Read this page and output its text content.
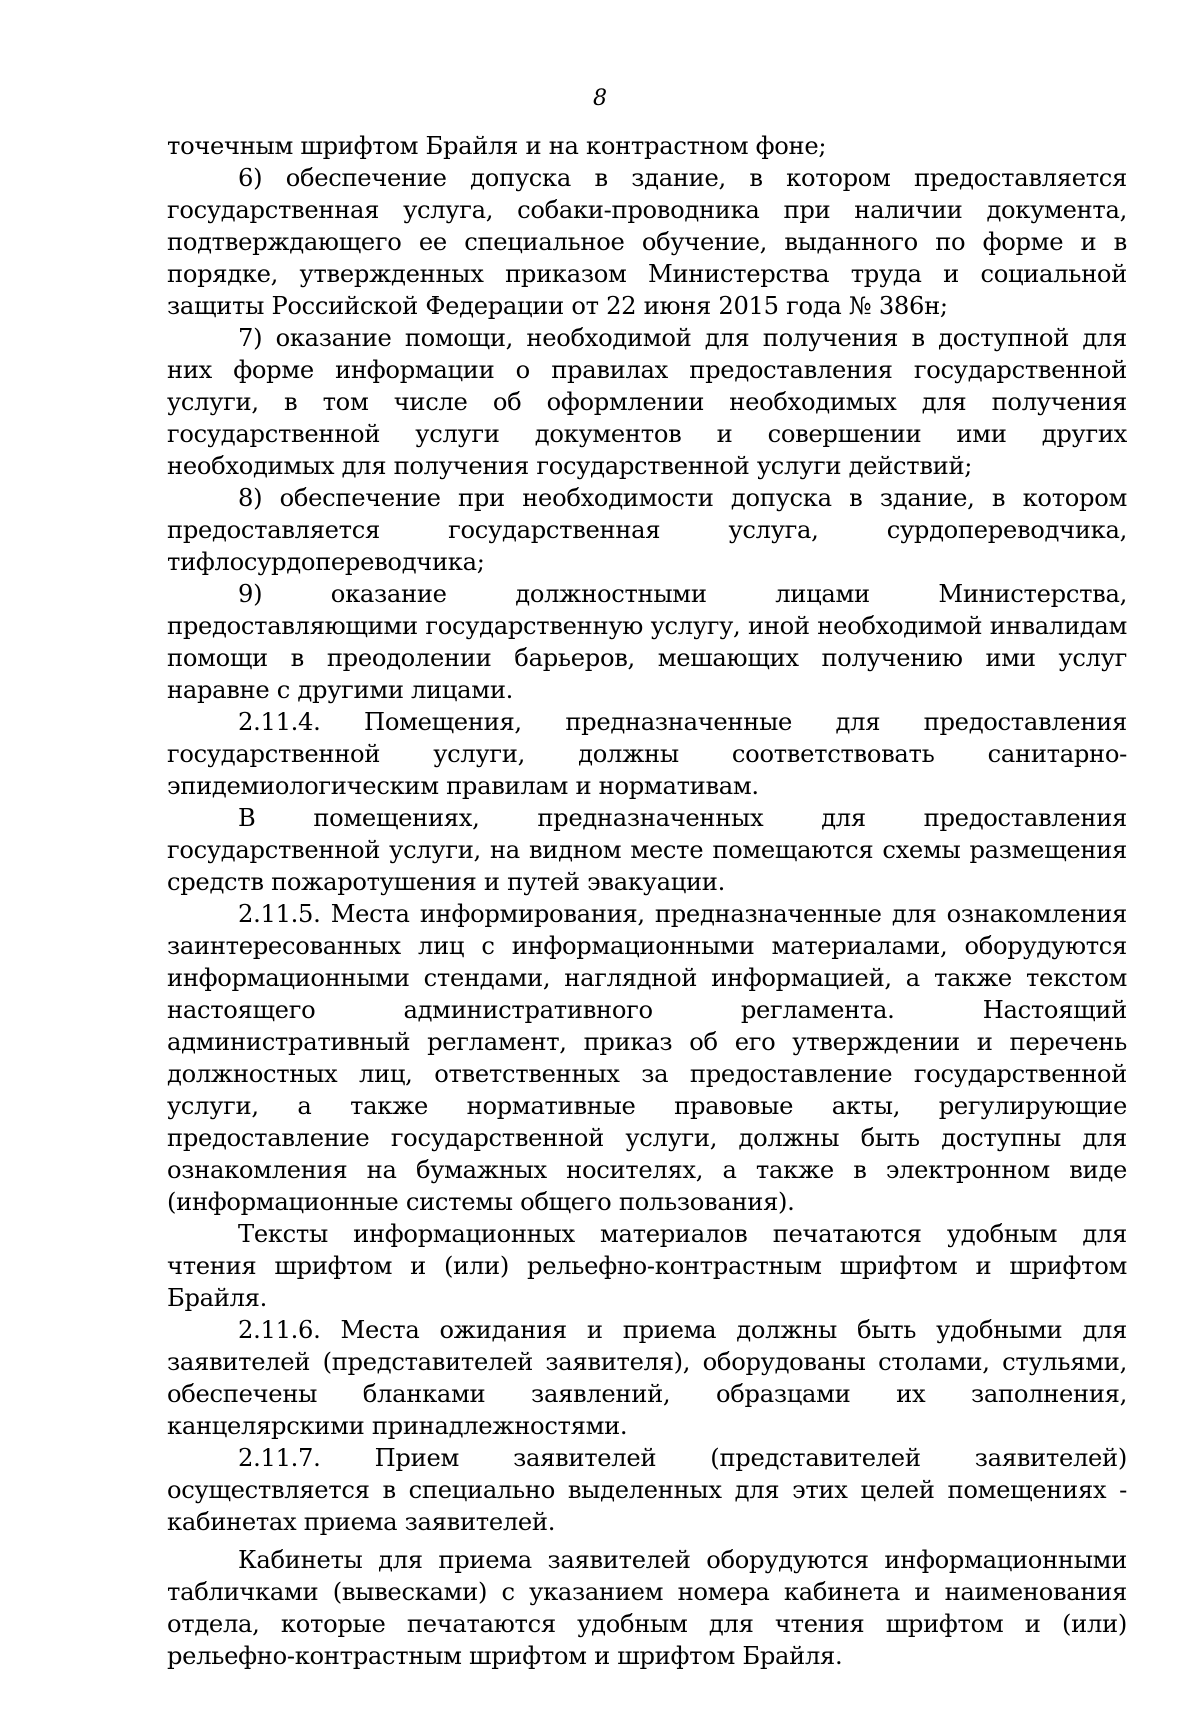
8

точечным шрифтом Брайля и на контрастном фоне;

6) обеспечение допуска в здание, в котором предоставляется государственная услуга, собаки-проводника при наличии документа, подтверждающего ее специальное обучение, выданного по форме и в порядке, утвержденных приказом Министерства труда и социальной защиты Российской Федерации от 22 июня 2015 года № 386н;

7) оказание помощи, необходимой для получения в доступной для них форме информации о правилах предоставления государственной услуги, в том числе об оформлении необходимых для получения государственной услуги документов и совершении ими других необходимых для получения государственной услуги действий;

8) обеспечение при необходимости допуска в здание, в котором предоставляется государственная услуга, сурдопереводчика, тифлосурдопереводчика;

9) оказание должностными лицами Министерства, предоставляющими государственную услугу, иной необходимой инвалидам помощи в преодолении барьеров, мешающих получению ими услуг наравне с другими лицами.

2.11.4. Помещения, предназначенные для предоставления государственной услуги, должны соответствовать санитарно-эпидемиологическим правилам и нормативам.

В помещениях, предназначенных для предоставления государственной услуги, на видном месте помещаются схемы размещения средств пожаротушения и путей эвакуации.

2.11.5. Места информирования, предназначенные для ознакомления заинтересованных лиц с информационными материалами, оборудуются информационными стендами, наглядной информацией, а также текстом настоящего административного регламента. Настоящий административный регламент, приказ об его утверждении и перечень должностных лиц, ответственных за предоставление государственной услуги, а также нормативные правовые акты, регулирующие предоставление государственной услуги, должны быть доступны для ознакомления на бумажных носителях, а также в электронном виде (информационные системы общего пользования).

Тексты информационных материалов печатаются удобным для чтения шрифтом и (или) рельефно-контрастным шрифтом и шрифтом Брайля.

2.11.6. Места ожидания и приема должны быть удобными для заявителей (представителей заявителя), оборудованы столами, стульями, обеспечены бланками заявлений, образцами их заполнения, канцелярскими принадлежностями.

2.11.7. Прием заявителей (представителей заявителей) осуществляется в специально выделенных для этих целей помещениях - кабинетах приема заявителей.

Кабинеты для приема заявителей оборудуются информационными табличками (вывесками) с указанием номера кабинета и наименования отдела, которые печатаются удобным для чтения шрифтом и (или) рельефно-контрастным шрифтом и шрифтом Брайля.
